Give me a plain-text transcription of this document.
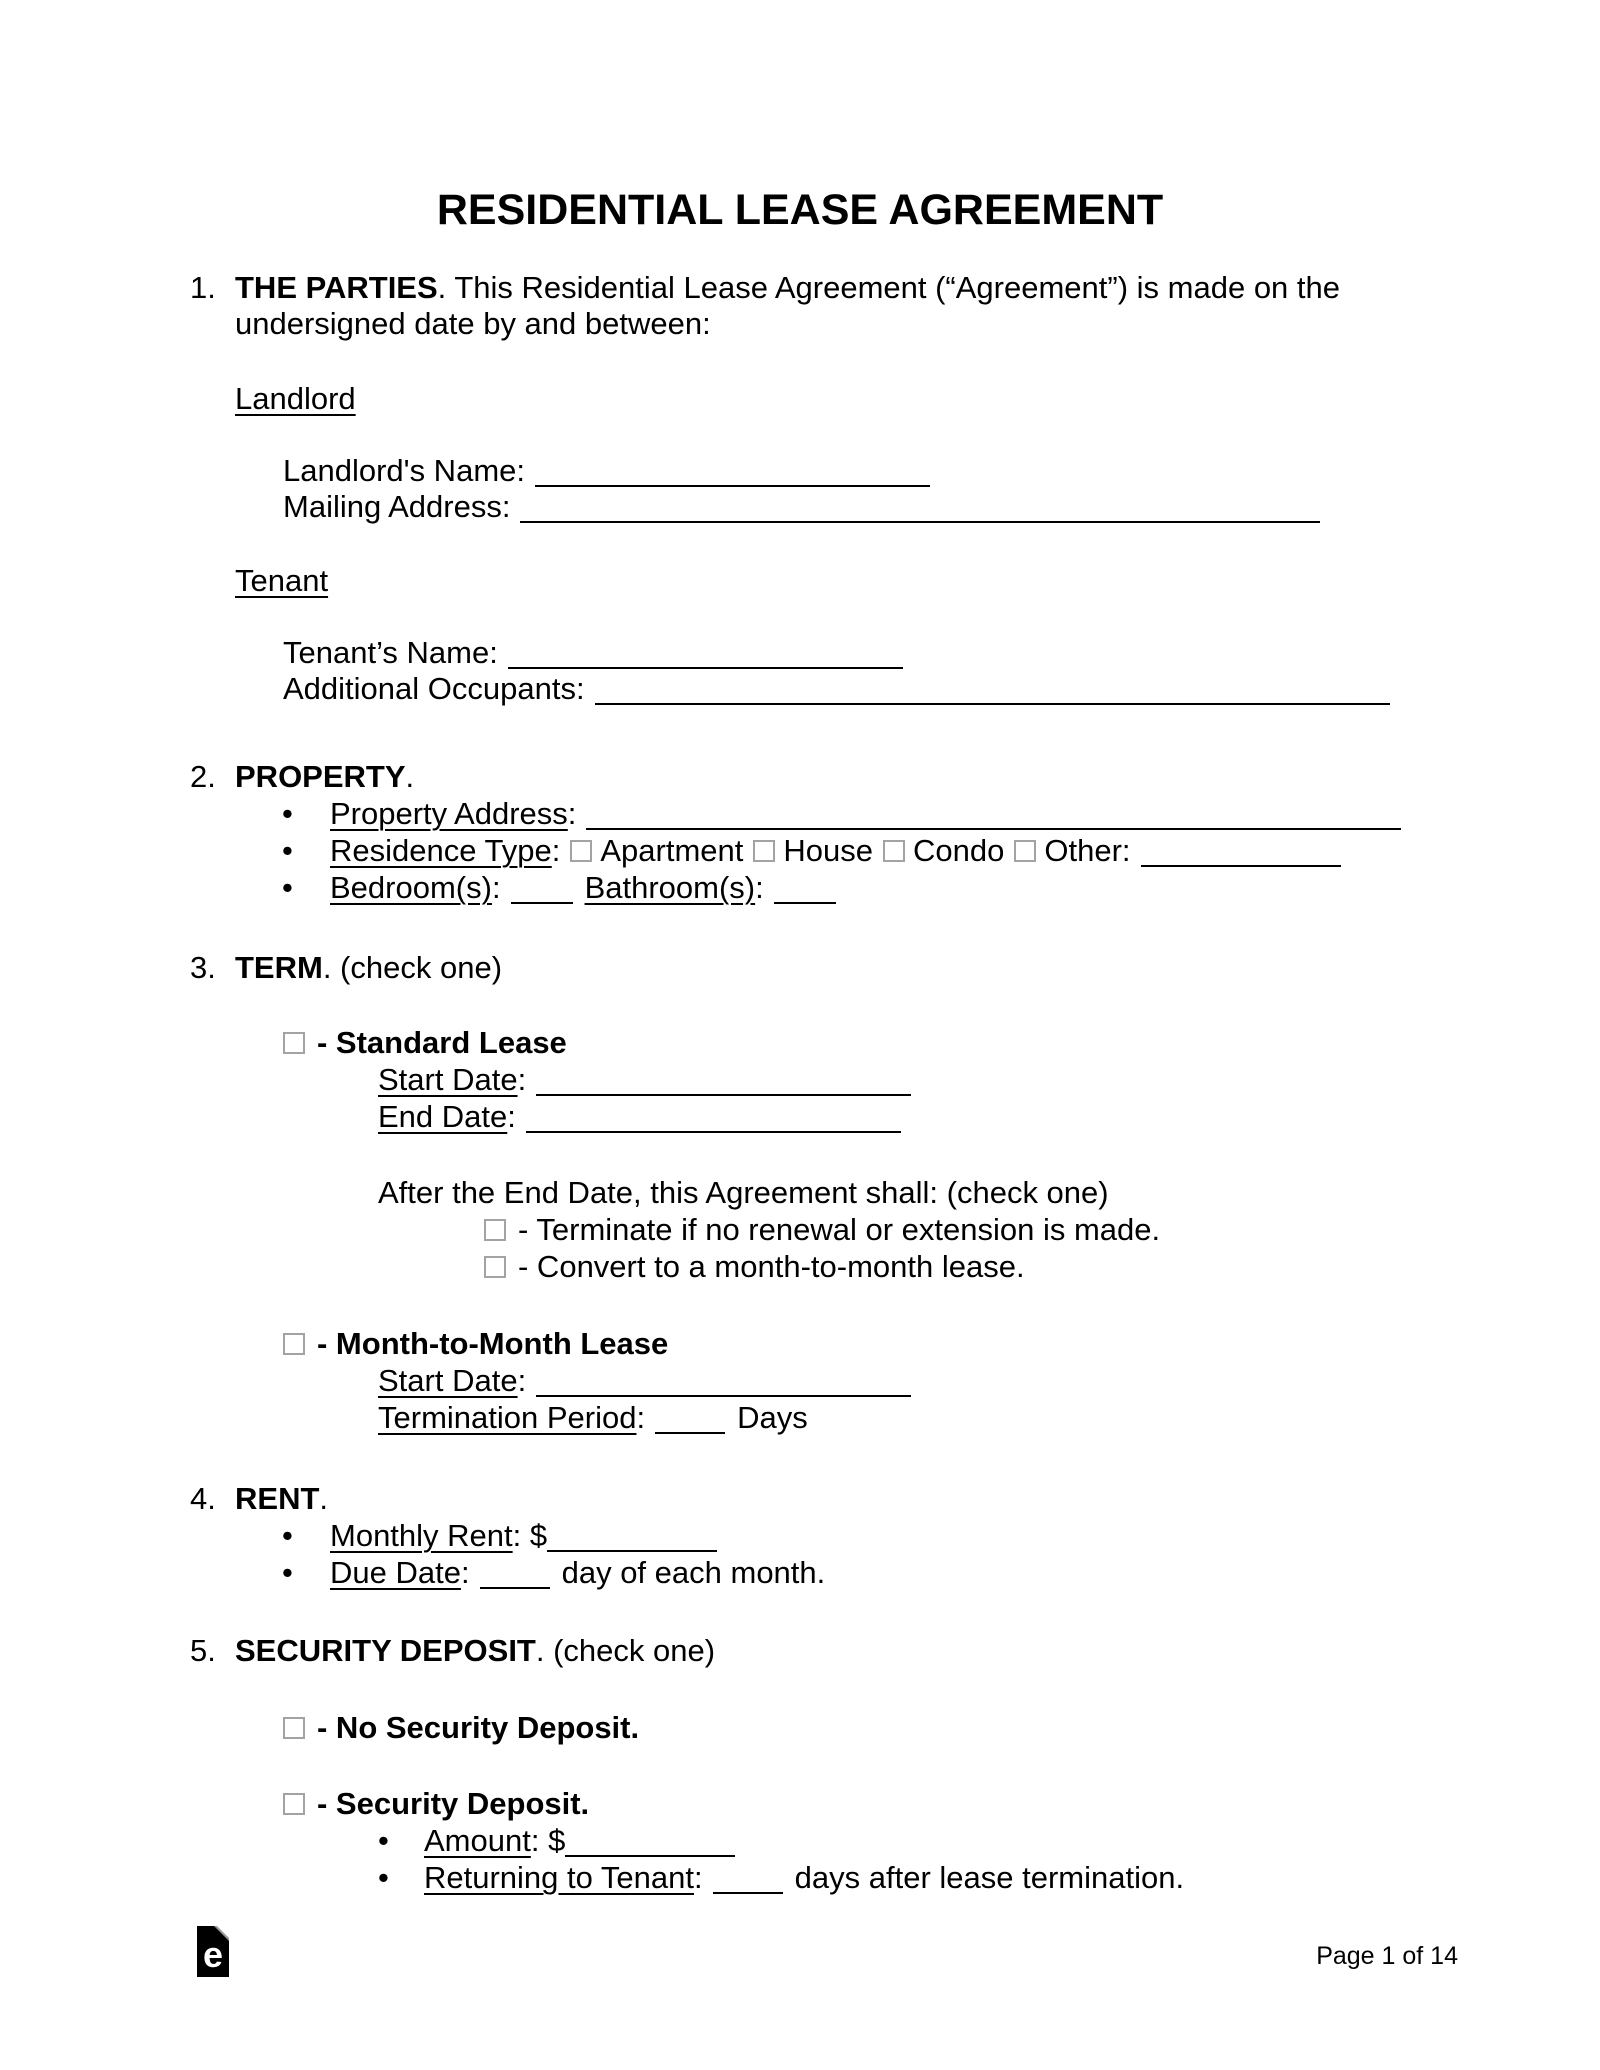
RESIDENTIAL LEASE AGREEMENT
1. THE PARTIES. This Residential Lease Agreement (“Agreement”) is made on the
undersigned date by and between:
Landlord
Landlord's Name:
Mailing Address:
Tenant
Tenant’s Name:
Additional Occupants:
2. PROPERTY.
• Property Address:
• Residence Type: Apartment House Condo Other:
• Bedroom(s):	Bathroom(s):
3. TERM. (check one)
- Standard Lease
Start Date:
End Date:
After the End Date, this Agreement shall: (check one)
- Terminate if no renewal or extension is made.
- Convert to a month-to-month lease.
- Month-to-Month Lease
Start Date:
Termination Period:	Days
4. RENT.
• Monthly Rent: $
• Due Date:	day of each month.
5. SECURITY DEPOSIT. (check one)
- No Security Deposit.
- Security Deposit.
• Amount: $
• Returning to Tenant:	days after lease termination.
e	Page 1 of 14
